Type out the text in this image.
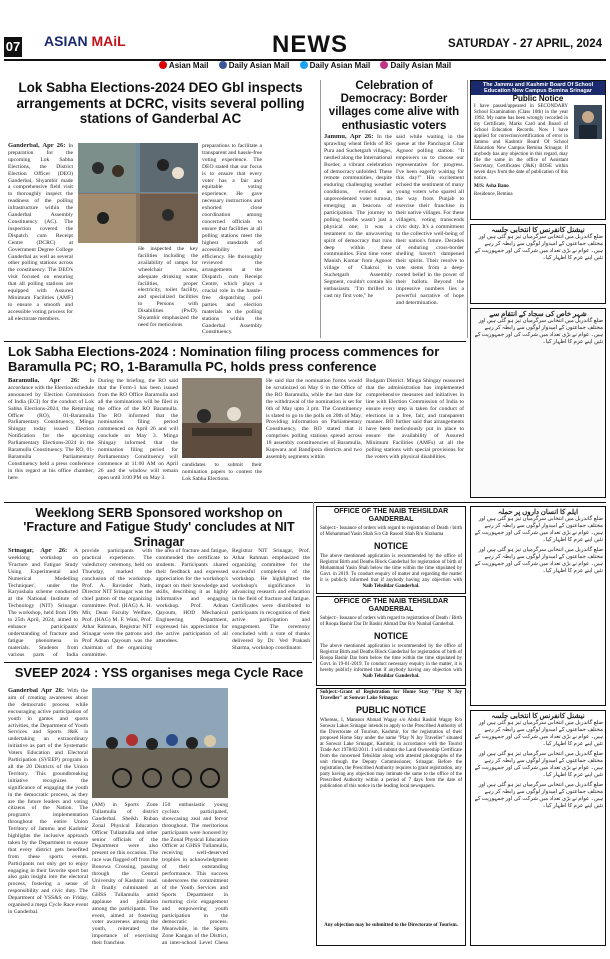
07 ASIAN MAiL	NEWS	SATURDAY - 27 APRIL, 2024
Asian Mail	Daily Asian Mail	Daily Asian Mail	Daily Asian Mail
Lok Sabha Elections-2024 DEO Gbl inspects arrangements at DCRC, visits several polling stations of Ganderbal AC
Ganderbal, Apr 26: In preparation for the upcoming Lok Sabha Elections, the District Election Officer (DEO) Ganderbal, Shyambir made a comprehensive field visit to thoroughly inspect the readiness of the polling infrastructure within the Ganderbal Assembly Constituency (AC). The inspection covered the Dispatch cum Receipt Centre (DCRC) at Government Degree College Ganderbal as well as several other polling stations across the constituency. The DEO's visit focused on ensuring that all polling stations are equipped with Assured Minimum Facilities (AMF) to ensure a smooth and accessible voting process for all electorate members.
He inspected the key facilities including the availability of ramps for wheelchair access, adequate drinking water facilities, proper electricity, toilet facility, and specialized facilities to Persons with Disabilities (PwD). Shyambir emphasized the need for meticulous
preparations to facilitate a transparent and hassle-free voting experience. The DEO stated that our focus is to ensure that every voter has a fair and equitable voting experience. He gave necessary instructions and exhorted close coordination among concerned officials to ensure that facilities at all polling stations meet the highest standards of accessibility and efficiency. He thoroughly reviewed the arrangements at the Dispatch cum Receipt Centre, which plays a crucial role in the hassle-free dispatching poll parties and election materials to the polling stations within the Ganderbal Assembly Constituency.
Celebration of Democracy: Border villages come alive with enthusiastic voters
Jammu, Apr 26: In the sprawling wheat fields of RS Pura and Suchetgarh villages, nestled along the International Border, a vibrant celebration of democracy unfolded. These remote communities, despite enduring challenging weather conditions, evinced an unprecedented voter turnout, emerging as beacons of participation. The journey to polling booths wasn't just a physical one; it was a testament to the unwavering spirit of democracy that runs deep within these communities. First time voter Manish Kumar from Agnoor village of Chakroi in Suchetgarh Assembly Segment, couldn't contain his enthusiasm. "I'm thrilled to cast my first vote," he
said while waiting in the queue at the Panchayat Ghar Agnoor polling station. "It empowers us to choose our representative for progress. I've been eagerly waiting for this day!" His excitement echoed the sentiment of many young voters who spared all the way from Punjab to exercise their franchise in their native villages. For these villagers, voting transcends civic duty. It's a commitment to the collective well-being of their nation's future. Decades of enduring cross-border shelling haven't dampened their spirits. Their resolve to vote stems from a deep-rooted belief in the power of their ballots. Beyond the impressive numbers lies a powerful narrative of hope and determination.
The Jammu and Kashmir Board Of School Education New Campus Bemina Srinagar
Public Notice
I have passed/appeared in SECONDARY School Examination (Class 10th) in the year 1992. My name has been wrongly recorded in my Certificate, Marks Card and Board of School Education Records. Now I have applied for correction/certification of error in Jammu and Kashmir Board Of School Education New Campus Bemina Srinagar. If anybody has any objection in this regard, may file the same in the office of Assistant Secretary, Certificates (J&K) BOSE within seven days from the date of publication of this notice.
M/S: Asha Bano
Residence, Bemina
نیشنل کانفرنس کا انتخابی جلسہ
ضلع گاندربل میں انتخابی سرگرمیاں تیز ہو گئی ہیں اور مختلف جماعتوں کے امیدوار لوگوں سے رابطہ کر رہے ہیں۔ عوام نے بڑی تعداد میں شرکت کی اور جمہوریت کے تئیں اپنے عزم کا اظہار کیا۔
Lok Sabha Elections-2024 : Nomination filing process commences for Baramulla PC; RO, 1-Baramulla PC, holds press conference
Baramulla, Apr 26: In accordance with the Election schedule announced by Election Commission of India (ECI) for the conduct of Lok Sabha Elections-2024, the Returning Officer (RO), 01-Baramulla Parliamentary Constituency, Minga Shingay today issued Election Notification for the upcoming Parliamentary Elections-2024 in the Baramulla Constituency. The RO, 01-Baramulla Parliamentary Constituency held a press conference in this regard at his office chamber, here.
During the briefing, the RO said that the Form-1 has been issued from the RO Office Baramulla and all the nominations will be filed in the office of the RO Baramulla. The RO informed that the nomination filing period commenced on April 26 and will conclude on May 3. Minga Shingay informed that the nomination filing period for Parliamentary Constituency will commence at 11:00 AM on April 26 and the window will remain open until 3:00 PM on May 3.
candidates to submit their nomination papers to contest the Lok Sabha Elections.
He said that the nomination forms would be scrutinized on May 6 in the Office of the RO Baramulla, while the last date for the withdrawal of the nomination is set for 6th of May upto 3 pm. The Constituency is slated to go to the polls on 20th of May. Providing information on Parliamentary Constituency, the RO stated that it comprises polling stations spread across 18 assembly constituencies of Baramulla, Kupwara and Bandipora districts and two assembly segments within
Budgam District. Minga Shingay reassured that the administration has implemented comprehensive measures and initiatives in line with Election Commission of India to ensure every step is taken for conduct of elections in a free, fair, and transparent manner. RO further said that arrangements have been meticulously put in place to ensure the availability of Assured Minimum Facilities (AMFs) at all the polling stations with special provisions for the voters with physical disabilities.
شہر خاص کی سجاد کے انتقام سے
ضلع گاندربل میں انتخابی سرگرمیاں تیز ہو گئی ہیں اور مختلف جماعتوں کے امیدوار لوگوں سے رابطہ کر رہے ہیں۔ عوام نے بڑی تعداد میں شرکت کی اور جمہوریت کے تئیں اپنے عزم کا اظہار کیا۔
Weeklong SERB Sponsored workshop on 'Fracture and Fatigue Study' concludes at NIT Srinagar
Srinagar, Apr 26: A weeklong workshop on 'Fracture and Fatigue Study Using Experimental and Numerical Modelling Techniques', under the Karyashala scheme conducted at the National Institute of Technology (NIT) Srinagar. The workshop, held from 19th to 25th April, 2024, aimed to enhance participants' understanding of fracture and fatigue phenomena in materials. Students from various parts of India
provide participants with practical experience. The valedictory ceremony, held on Thursday, marked the conclusion of the workshop. Prof. A. Ravinder Nath, Director NIT Srinagar was the chief patron of the organizing committee. Prof. (HAG) A. H. Mir, Dean Faculty Welfare, Prof. (HAG) M. F. Wani, Prof. Athar Rahman, Registrar NIT Srinagar were the patrons and Prof Adnan Qayoum was the chairman of the organizing committee.
the area of fracture and fatigue, commended the certificate to students. Participants shared their feedback and expressed appreciation for the workshop's impact on their knowledge and skills, describing it as highly informative and engaging workshop. Prof. Adnan Qayoum, HOD Mechanical Engineering Department, expressed his appreciation for the active participation of all attendees.
Registrar NIT Srinagar, Prof. Athar Rahman emphasized the organizing committee for the successful completion of the workshop. He highlighted the workshop's significance in advancing research and education in the field of fracture and fatigue. Certificates were distributed to participants in recognition of their active participation and engagement. The ceremony concluded with a vote of thanks delivered by Dr. Ved Prakash Sharma, workshop coordinator.
OFFICE OF THE NAIB TEHSILDAR GANDERBAL
Subject:- Issuance of orders with regard to registration of Death / birth of Mohammad Yasin Shah S/o Gh Rasool Shah R/o Sirahama
NOTICE
The above mentioned application is recommended by the office of Registrar Birth and Deaths Block Ganderbal for registration of birth of Mohammad Yasin Shah below the time within the time stipulated by Govt. in 2019. To conduct enquiry of matter and regarding the matter it is publicly informed that if anybody having any objection with
Naib Tehsildar Ganderbal.
OFFICE OF THE NAIB TEHSILDAR GANDERBAL
Subject:- Issuance of orders with regard to registration of Death / Birth of Roopa Bashir Dar Dr Bashir Ahmad Dar R/o Nunhal Ganderbal.
NOTICE
The above mentioned application is recommended by the office of Registrar Birth and Deaths Block Ganderbal for registration of birth of Roopa Bashir Dar born below the time within the time stipulated by Govt. in 19-01-2019. To conduct necessary enquiry in the matter, it is hereby publicly informed that if anybody having any objection with
Naib Tehsildar Ganderbal.
Subject:-Grant of Registration for Home Stay "Play N Joy Traveller" at Sonwar Lake Srinagar.
PUBLIC NOTICE
Whereas, I, Mansoor Ahmad Wagay s/o Abdul Rashid Wagay R/o Sonwar Lakes Srinagar intends to apply to the Prescribed Authority of the Directorate of Tourism, Kashmir, for the registration of their proposed Home Stay under the name "Play N Joy Traveller" situated at Sonwar Lake Srinagar, Kashmir, in accordance with the Tourist Trade Act 1978/82/2011. I will submit the Land Ownership Certificate from the concerned Tehsildar along with attested photographs of the unit through the Deputy Commissioner, Srinagar. Before the registration, the Prescribed Authority requires to grant registration, any party having any objection may intimate the same to the office of the Prescribed Authority within a period of 7 days from the date of publication of this notice in the leading local newspapers.
Any objection may be submitted to the Directorate of Tourism.
ایلم کا انسان داروں پر حملہ
ضلع گاندربل میں انتخابی سرگرمیاں تیز ہو گئی ہیں اور مختلف جماعتوں کے امیدوار لوگوں سے رابطہ کر رہے ہیں۔ عوام نے بڑی تعداد میں شرکت کی اور جمہوریت کے تئیں اپنے عزم کا اظہار کیا۔
ضلع گاندربل میں انتخابی سرگرمیاں تیز ہو گئی ہیں اور مختلف جماعتوں کے امیدوار لوگوں سے رابطہ کر رہے ہیں۔ عوام نے بڑی تعداد میں شرکت کی اور جمہوریت کے تئیں اپنے عزم کا اظہار کیا۔
نیشنل کانفرنس کا انتخابی جلسہ
ضلع گاندربل میں انتخابی سرگرمیاں تیز ہو گئی ہیں اور مختلف جماعتوں کے امیدوار لوگوں سے رابطہ کر رہے ہیں۔ عوام نے بڑی تعداد میں شرکت کی اور جمہوریت کے تئیں اپنے عزم کا اظہار کیا۔
ضلع گاندربل میں انتخابی سرگرمیاں تیز ہو گئی ہیں اور مختلف جماعتوں کے امیدوار لوگوں سے رابطہ کر رہے ہیں۔ عوام نے بڑی تعداد میں شرکت کی اور جمہوریت کے تئیں اپنے عزم کا اظہار کیا۔
ضلع گاندربل میں انتخابی سرگرمیاں تیز ہو گئی ہیں اور مختلف جماعتوں کے امیدوار لوگوں سے رابطہ کر رہے ہیں۔ عوام نے بڑی تعداد میں شرکت کی اور جمہوریت کے تئیں اپنے عزم کا اظہار کیا۔
SVEEP 2024 : YSS organises mega Cycle Race
Ganderbal Apr 26: With the aim of creating awareness about the democratic process while encouraging active participation of youth in games and sports activities, the Department of Youth Services and Sports J&K is undertaking an extraordinary initiative as part of the Systematic Voters Education and Electoral Participation (SVEEP) program in all the 20 Districts of the Union Territory. This groundbreaking initiative recognizes the significance of engaging the youth in the democratic process, as they are the future leaders and voting citizens of the Nation. The program's implementation throughout the entire Union Territory of Jammu and Kashmir highlights the inclusive approach taken by the Department to ensure that every district gets benefited from these sports events. Participants not only get to enjoy engaging in their favorite sport but also gain insight into the electoral process, fostering a sense of responsibility and civic duty. The Department of YSS&S on Friday, organised a mega Cycle Race event in Ganderbal.
(AM) in Sports Zone Tullamulla of district Ganderbal. Sheikh Ruban Zonal Physical Education Officer Tullamulla and other senior officials of the Department were also present on this occasion. The race was flagged off from the Bonowa Crossing, passing through the Central University of Kashmir road. It finally culminated at GHSS Tullamulla amid applause and jubilation among the participants. The event, aimed at fostering voter awareness among the youth, reiterated the importance of exercising their franchise.
150 enthusiastic young cyclists participated, showcasing zeal and fervor throughout. The meritorious participants were honored by the Zonal Physical Education Officer at GHSS Tullamulla, receiving well-deserved trophies in acknowledgment of their outstanding performance. This success underscores the commitment of the Youth Services and Sports Department in nurturing civic engagement and empowering youth participation in the democratic process. Meanwhile, in the Sports Zone Kangan of the District, an inter-school Level Chess
